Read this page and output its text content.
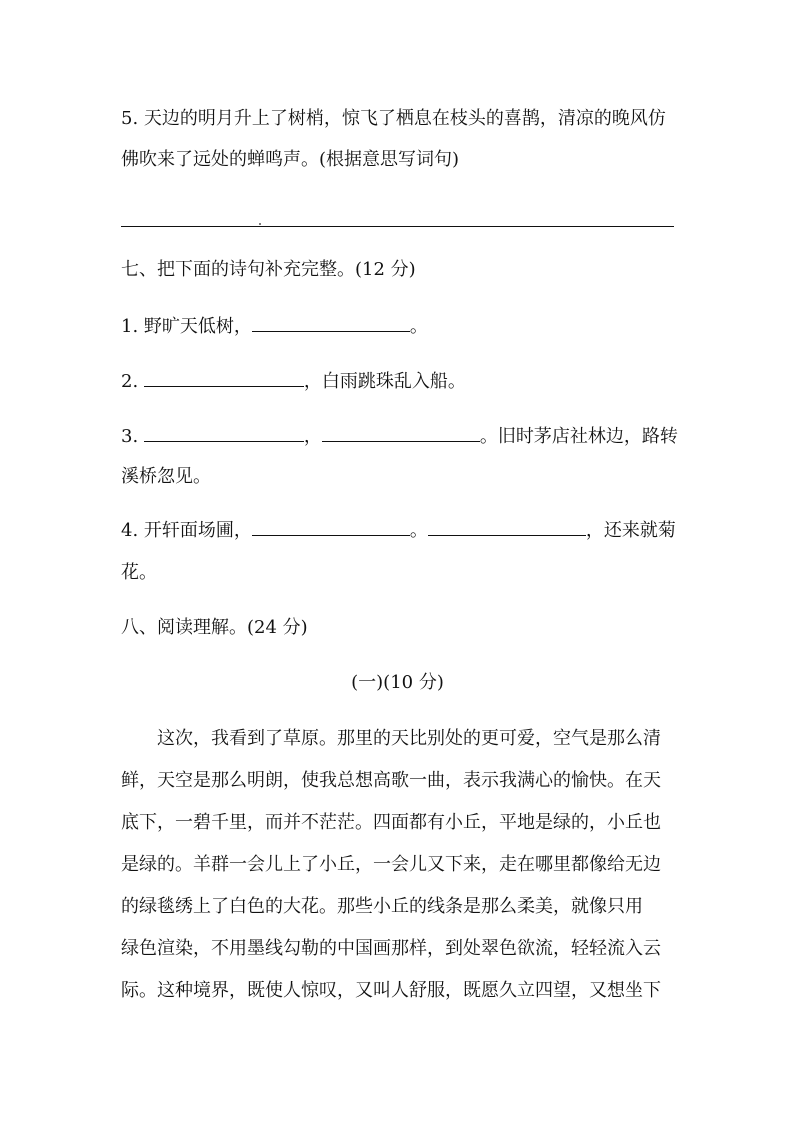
5. 天边的明月升上了树梢，惊飞了栖息在枝头的喜鹊，清凉的晚风仿
佛吹来了远处的蝉鸣声。(根据意思写词句)
七、把下面的诗句补充完整。(12 分)
1. 野旷天低树，	。
2.	，白雨跳珠乱入船。
3.	，	。旧时茅店社林边，路转
溪桥忽见。
4. 开轩面场圃，	。	，还来就菊
花。
八、阅读理解。(24 分)
(一)(10 分)
这次，我看到了草原。那里的天比别处的更可爱，空气是那么清
鲜，天空是那么明朗，使我总想高歌一曲，表示我满心的愉快。在天
底下，一碧千里，而并不茫茫。四面都有小丘，平地是绿的，小丘也
是绿的。羊群一会儿上了小丘，一会儿又下来，走在哪里都像给无边
的绿毯绣上了白色的大花。那些小丘的线条是那么柔美，就像只用
绿色渲染，不用墨线勾勒的中国画那样，到处翠色欲流，轻轻流入云
际。这种境界，既使人惊叹，又叫人舒服，既愿久立四望，又想坐下
